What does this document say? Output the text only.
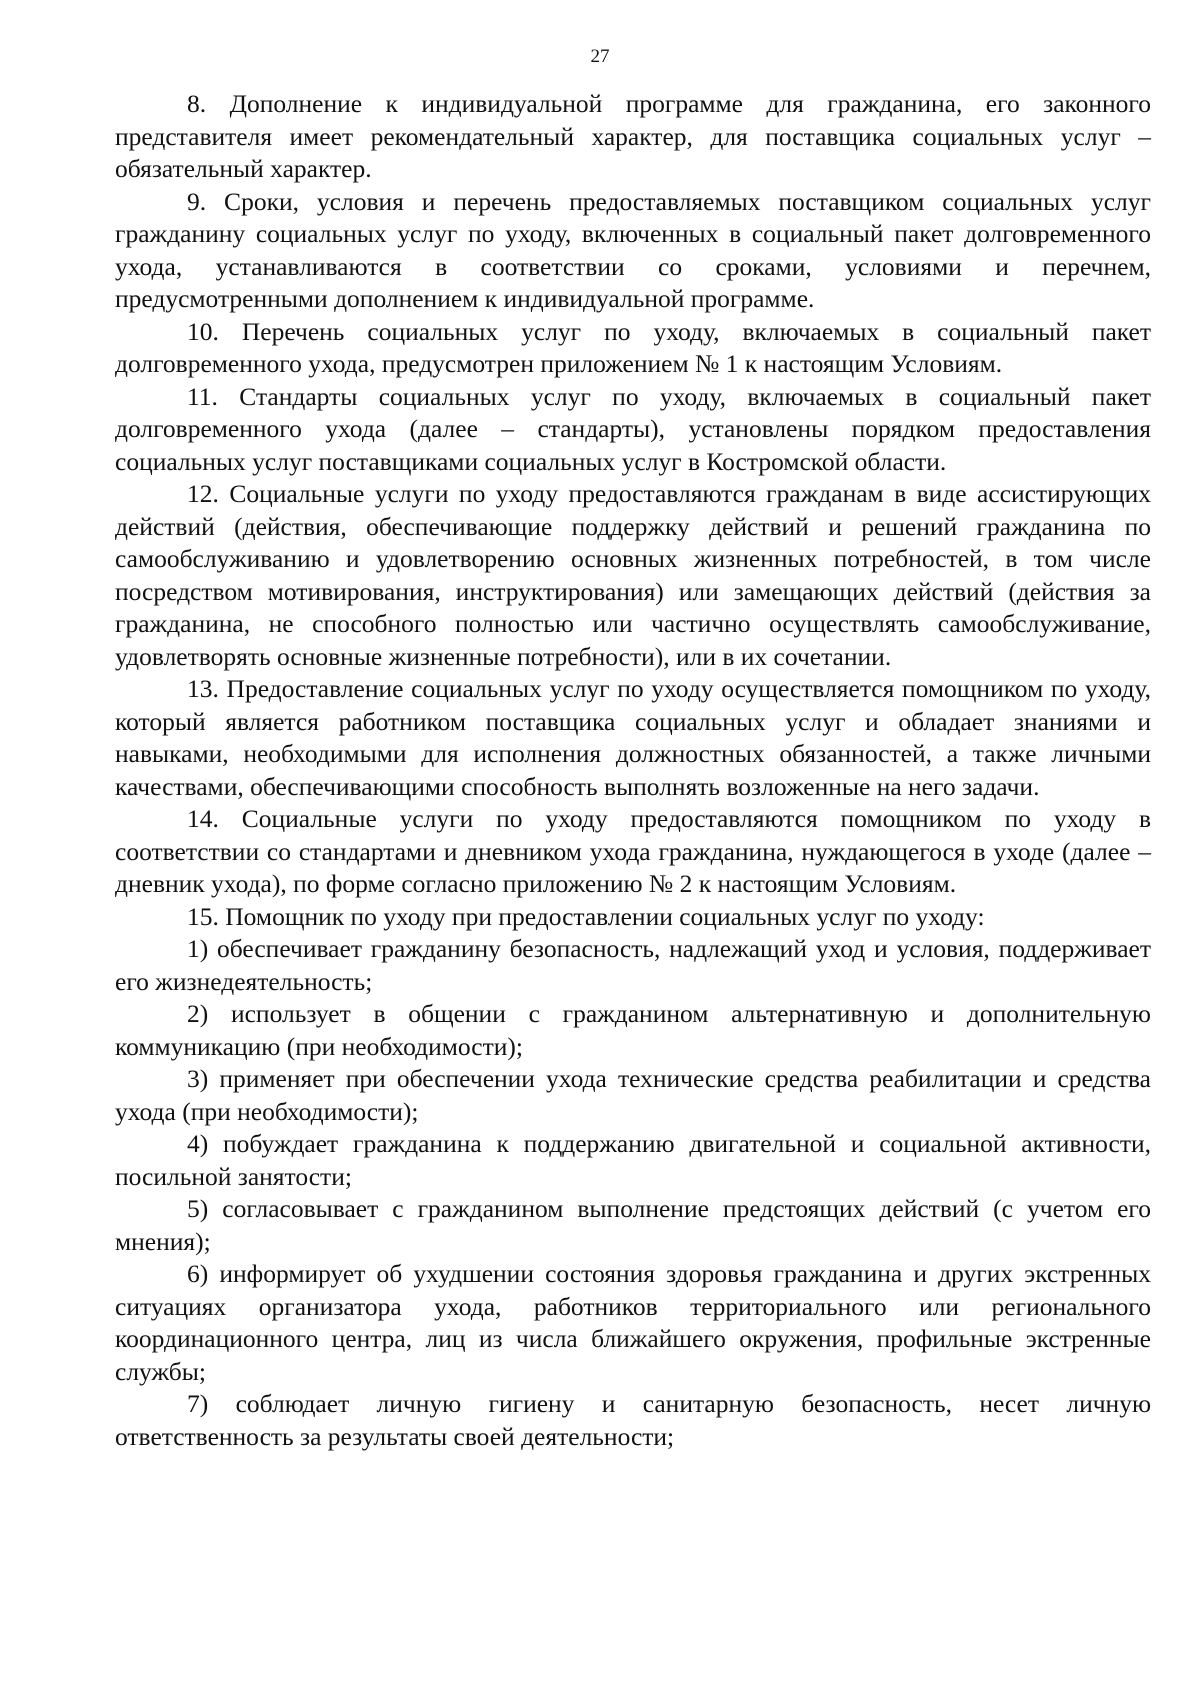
27

8. Дополнение к индивидуальной программе для гражданина, его законного представителя имеет рекомендательный характер, для поставщика социальных услуг – обязательный характер.

9. Сроки, условия и перечень предоставляемых поставщиком социальных услуг гражданину социальных услуг по уходу, включенных в социальный пакет долговременного ухода, устанавливаются в соответствии со сроками, условиями и перечнем, предусмотренными дополнением к индивидуальной программе.

10. Перечень социальных услуг по уходу, включаемых в социальный пакет долговременного ухода, предусмотрен приложением № 1 к настоящим Условиям.

11. Стандарты социальных услуг по уходу, включаемых в социальный пакет долговременного ухода (далее – стандарты), установлены порядком предоставления социальных услуг поставщиками социальных услуг в Костромской области.

12. Социальные услуги по уходу предоставляются гражданам в виде ассистирующих действий (действия, обеспечивающие поддержку действий и решений гражданина по самообслуживанию и удовлетворению основных жизненных потребностей, в том числе посредством мотивирования, инструктирования) или замещающих действий (действия за гражданина, не способного полностью или частично осуществлять самообслуживание, удовлетворять основные жизненные потребности), или в их сочетании.

13. Предоставление социальных услуг по уходу осуществляется помощником по уходу, который является работником поставщика социальных услуг и обладает знаниями и навыками, необходимыми для исполнения должностных обязанностей, а также личными качествами, обеспечивающими способность выполнять возложенные на него задачи.

14. Социальные услуги по уходу предоставляются помощником по уходу в соответствии со стандартами и дневником ухода гражданина, нуждающегося в уходе (далее – дневник ухода), по форме согласно приложению № 2 к настоящим Условиям.

15. Помощник по уходу при предоставлении социальных услуг по уходу:

1) обеспечивает гражданину безопасность, надлежащий уход и условия, поддерживает его жизнедеятельность;

2) использует в общении с гражданином альтернативную и дополнительную коммуникацию (при необходимости);

3) применяет при обеспечении ухода технические средства реабилитации и средства ухода (при необходимости);

4) побуждает гражданина к поддержанию двигательной и социальной активности, посильной занятости;

5) согласовывает с гражданином выполнение предстоящих действий (с учетом его мнения);

6) информирует об ухудшении состояния здоровья гражданина и других экстренных ситуациях организатора ухода, работников территориального или регионального координационного центра, лиц из числа ближайшего окружения, профильные экстренные службы;

7) соблюдает личную гигиену и санитарную безопасность, несет личную ответственность за результаты своей деятельности;
